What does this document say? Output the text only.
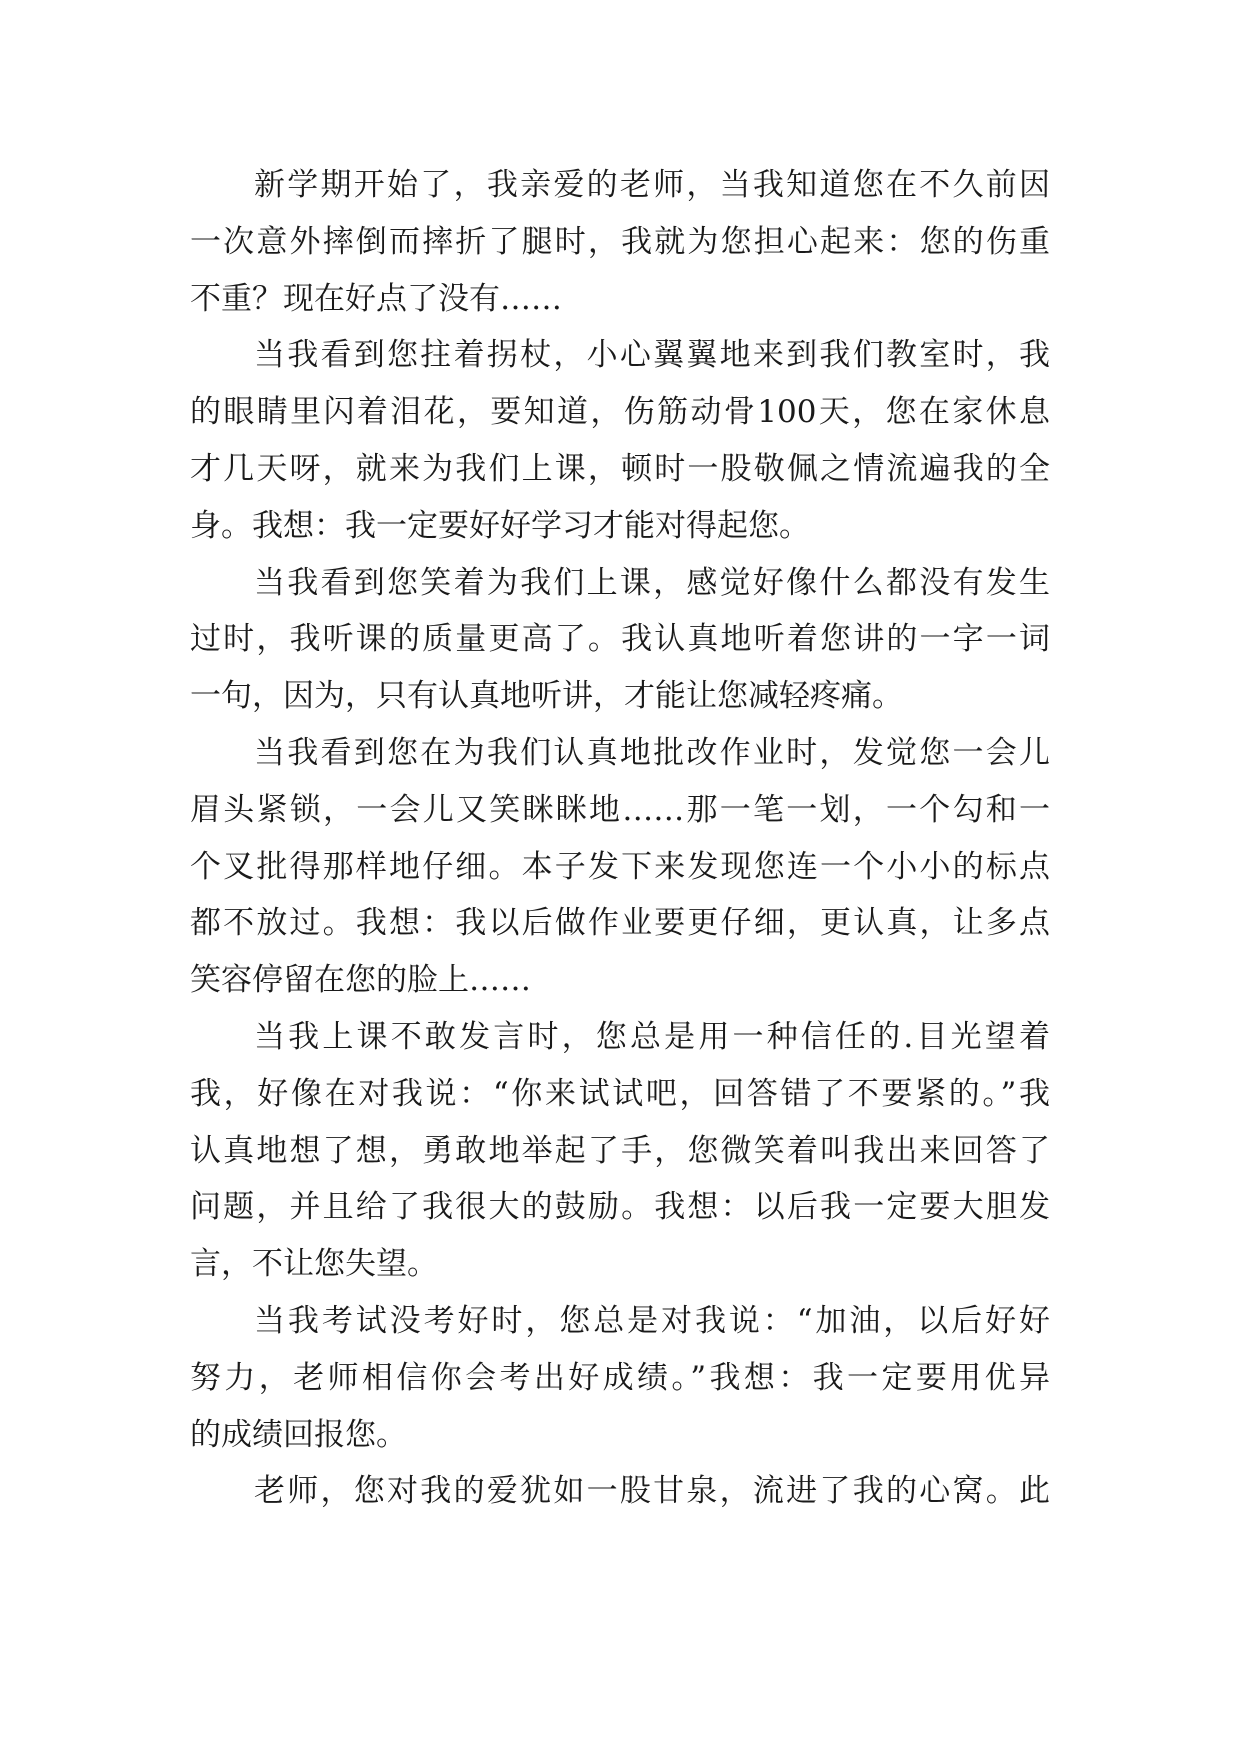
新学期开始了，我亲爱的老师，当我知道您在不久前因
一次意外摔倒而摔折了腿时，我就为您担心起来：您的伤重
不重？现在好点了没有……
当我看到您拄着拐杖，小心翼翼地来到我们教室时，我
的眼睛里闪着泪花，要知道，伤筋动骨100天，您在家休息
才几天呀，就来为我们上课，顿时一股敬佩之情流遍我的全
身。我想：我一定要好好学习才能对得起您。
当我看到您笑着为我们上课，感觉好像什么都没有发生
过时，我听课的质量更高了。我认真地听着您讲的一字一词
一句，因为，只有认真地听讲，才能让您减轻疼痛。
当我看到您在为我们认真地批改作业时，发觉您一会儿
眉头紧锁，一会儿又笑眯眯地……那一笔一划，一个勾和一
个叉批得那样地仔细。本子发下来发现您连一个小小的标点
都不放过。我想：我以后做作业要更仔细，更认真，让多点
笑容停留在您的脸上……
当我上课不敢发言时，您总是用一种信任的.目光望着
我，好像在对我说：“你来试试吧，回答错了不要紧的。”我
认真地想了想，勇敢地举起了手，您微笑着叫我出来回答了
问题，并且给了我很大的鼓励。我想：以后我一定要大胆发
言，不让您失望。
当我考试没考好时，您总是对我说：“加油，以后好好
努力，老师相信你会考出好成绩。”我想：我一定要用优异
的成绩回报您。
老师，您对我的爱犹如一股甘泉，流进了我的心窝。此
